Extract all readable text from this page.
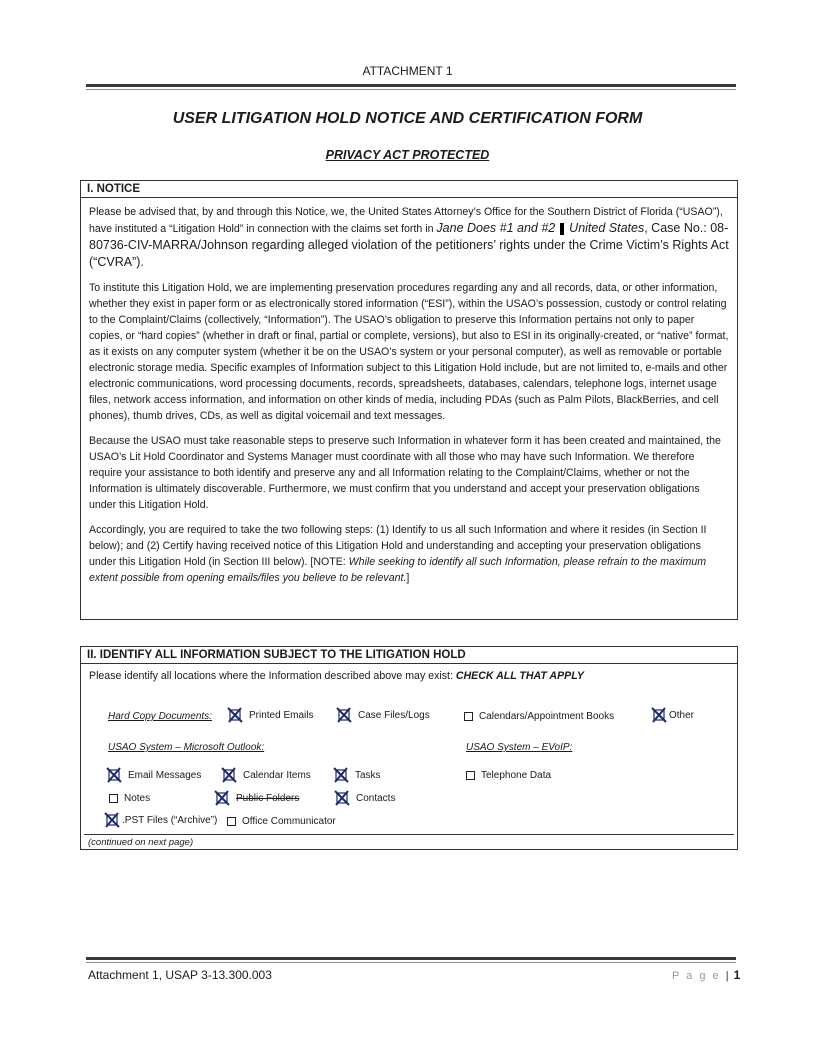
ATTACHMENT 1
USER LITIGATION HOLD NOTICE AND CERTIFICATION FORM
PRIVACY ACT PROTECTED
I. NOTICE
Please be advised that, by and through this Notice, we, the United States Attorney’s Office for the Southern District of Florida (“USAO”), have instituted a “Litigation Hold” in connection with the claims set forth in Jane Does #1 and #2 United States, Case No.: 08-80736-CIV-MARRA/Johnson regarding alleged violation of the petitioners’ rights under the Crime Victim’s Rights Act (“CVRA”).
To institute this Litigation Hold, we are implementing preservation procedures regarding any and all records, data, or other information, whether they exist in paper form or as electronically stored information (“ESI”), within the USAO’s possession, custody or control relating to the Complaint/Claims (collectively, “Information”). The USAO’s obligation to preserve this Information pertains not only to paper copies, or “hard copies” (whether in draft or final, partial or complete, versions), but also to ESI in its originally-created, or “native” format, as it exists on any computer system (whether it be on the USAO’s system or your personal computer), as well as removable or portable electronic storage media. Specific examples of Information subject to this Litigation Hold include, but are not limited to, e-mails and other electronic communications, word processing documents, records, spreadsheets, databases, calendars, telephone logs, internet usage files, network access information, and information on other kinds of media, including PDAs (such as Palm Pilots, BlackBerries, and cell phones), thumb drives, CDs, as well as digital voicemail and text messages.
Because the USAO must take reasonable steps to preserve such Information in whatever form it has been created and maintained, the USAO’s Lit Hold Coordinator and Systems Manager must coordinate with all those who may have such Information. We therefore require your assistance to both identify and preserve any and all Information relating to the Complaint/Claims, whether or not the Information is ultimately discoverable. Furthermore, we must confirm that you understand and accept your preservation obligations under this Litigation Hold.
Accordingly, you are required to take the two following steps: (1) Identify to us all such Information and where it resides (in Section II below); and (2) Certify having received notice of this Litigation Hold and understanding and accepting your preservation obligations under this Litigation Hold (in Section III below). [NOTE: While seeking to identify all such Information, please refrain to the maximum extent possible from opening emails/files you believe to be relevant.]
II. IDENTIFY ALL INFORMATION SUBJECT TO THE LITIGATION HOLD
Please identify all locations where the Information described above may exist: CHECK ALL THAT APPLY
Hard Copy Documents:	Printed Emails	Case Files/Logs	Calendars/Appointment Books	Other
USAO System – Microsoft Outlook:	USAO System – EVoIP:
Email Messages	Calendar Items	Tasks	Telephone Data
Notes	Public Folders	Contacts
.PST Files (“Archive”) Office Communicator
(continued on next page)
Attachment 1, USAP 3-13.300.003	P a g e | 1
